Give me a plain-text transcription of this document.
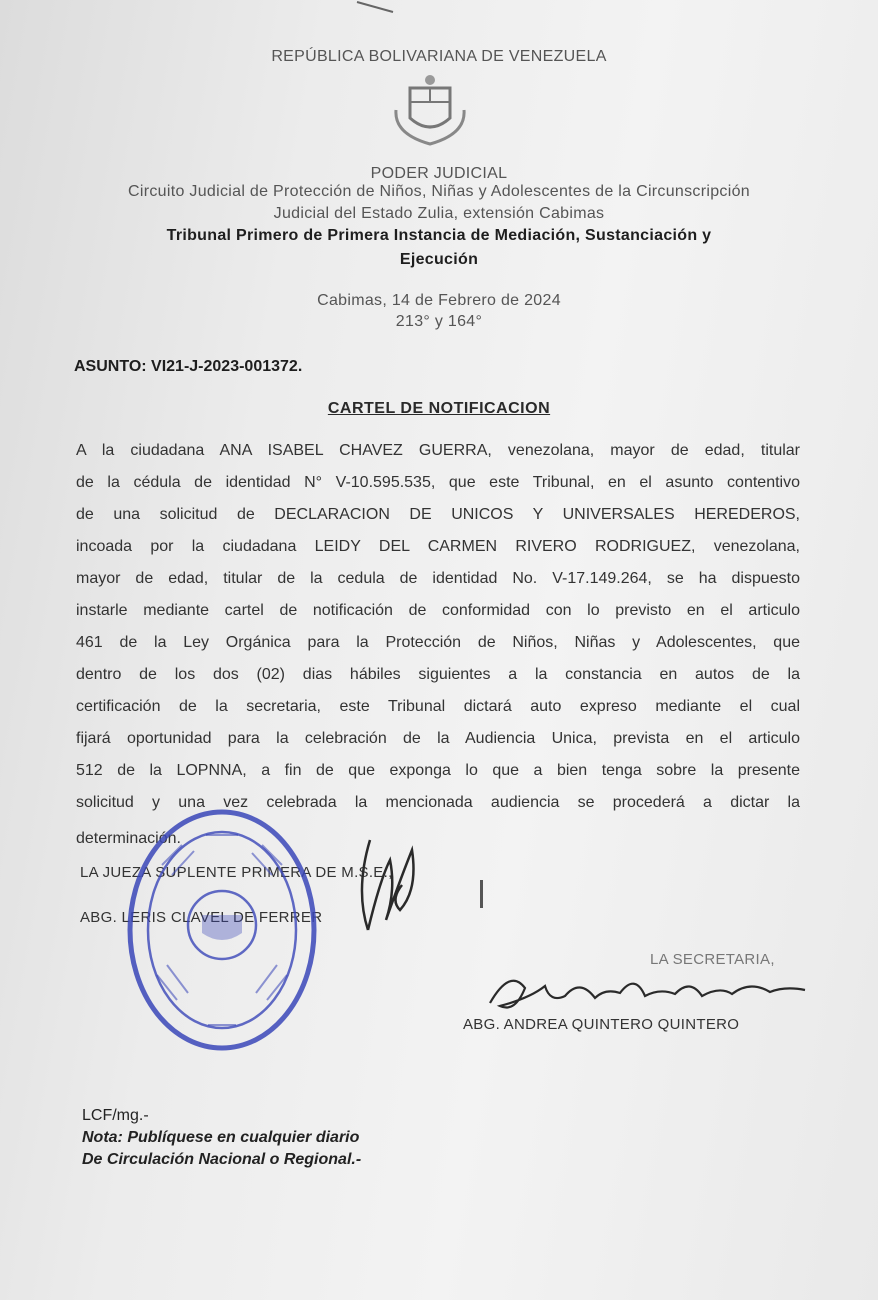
REPÚBLICA BOLIVARIANA DE VENEZUELA
PODER JUDICIAL
Circuito Judicial de Protección de Niños, Niñas y Adolescentes de la Circunscripción
Judicial del Estado Zulia, extensión Cabimas
Tribunal Primero de Primera Instancia de Mediación, Sustanciación y
Ejecución
Cabimas, 14 de Febrero de 2024
213° y 164°
ASUNTO: VI21-J-2023-001372.
CARTEL DE NOTIFICACION
A la ciudadana ANA ISABEL CHAVEZ GUERRA, venezolana, mayor de edad, titular
de la cédula de identidad N° V-10.595.535, que este Tribunal, en el asunto contentivo
de una solicitud de DECLARACION DE UNICOS Y UNIVERSALES HEREDEROS,
incoada por la ciudadana LEIDY DEL CARMEN RIVERO RODRIGUEZ, venezolana,
mayor de edad, titular de la cedula de identidad No. V-17.149.264, se ha dispuesto
instarle mediante cartel de notificación de conformidad con lo previsto en el articulo
461 de la Ley Orgánica para la Protección de Niños, Niñas y Adolescentes, que
dentro de los dos (02) dias hábiles siguientes a la constancia en autos de la
certificación de la secretaria, este Tribunal dictará auto expreso mediante el cual
fijará oportunidad para la celebración de la Audiencia Unica, prevista en el articulo
512 de la LOPNNA, a fin de que exponga lo que a bien tenga sobre la presente
solicitud y una vez celebrada la mencionada audiencia se procederá a dictar la
determinación.
LA JUEZA SUPLENTE PRIMERA DE M.S.E.,
ABG. LERIS CLAVEL DE FERRER
LA SECRETARIA,
ABG. ANDREA QUINTERO QUINTERO
LCF/mg.-
Nota: Publíquese en cualquier diario
De Circulación Nacional o Regional.-
